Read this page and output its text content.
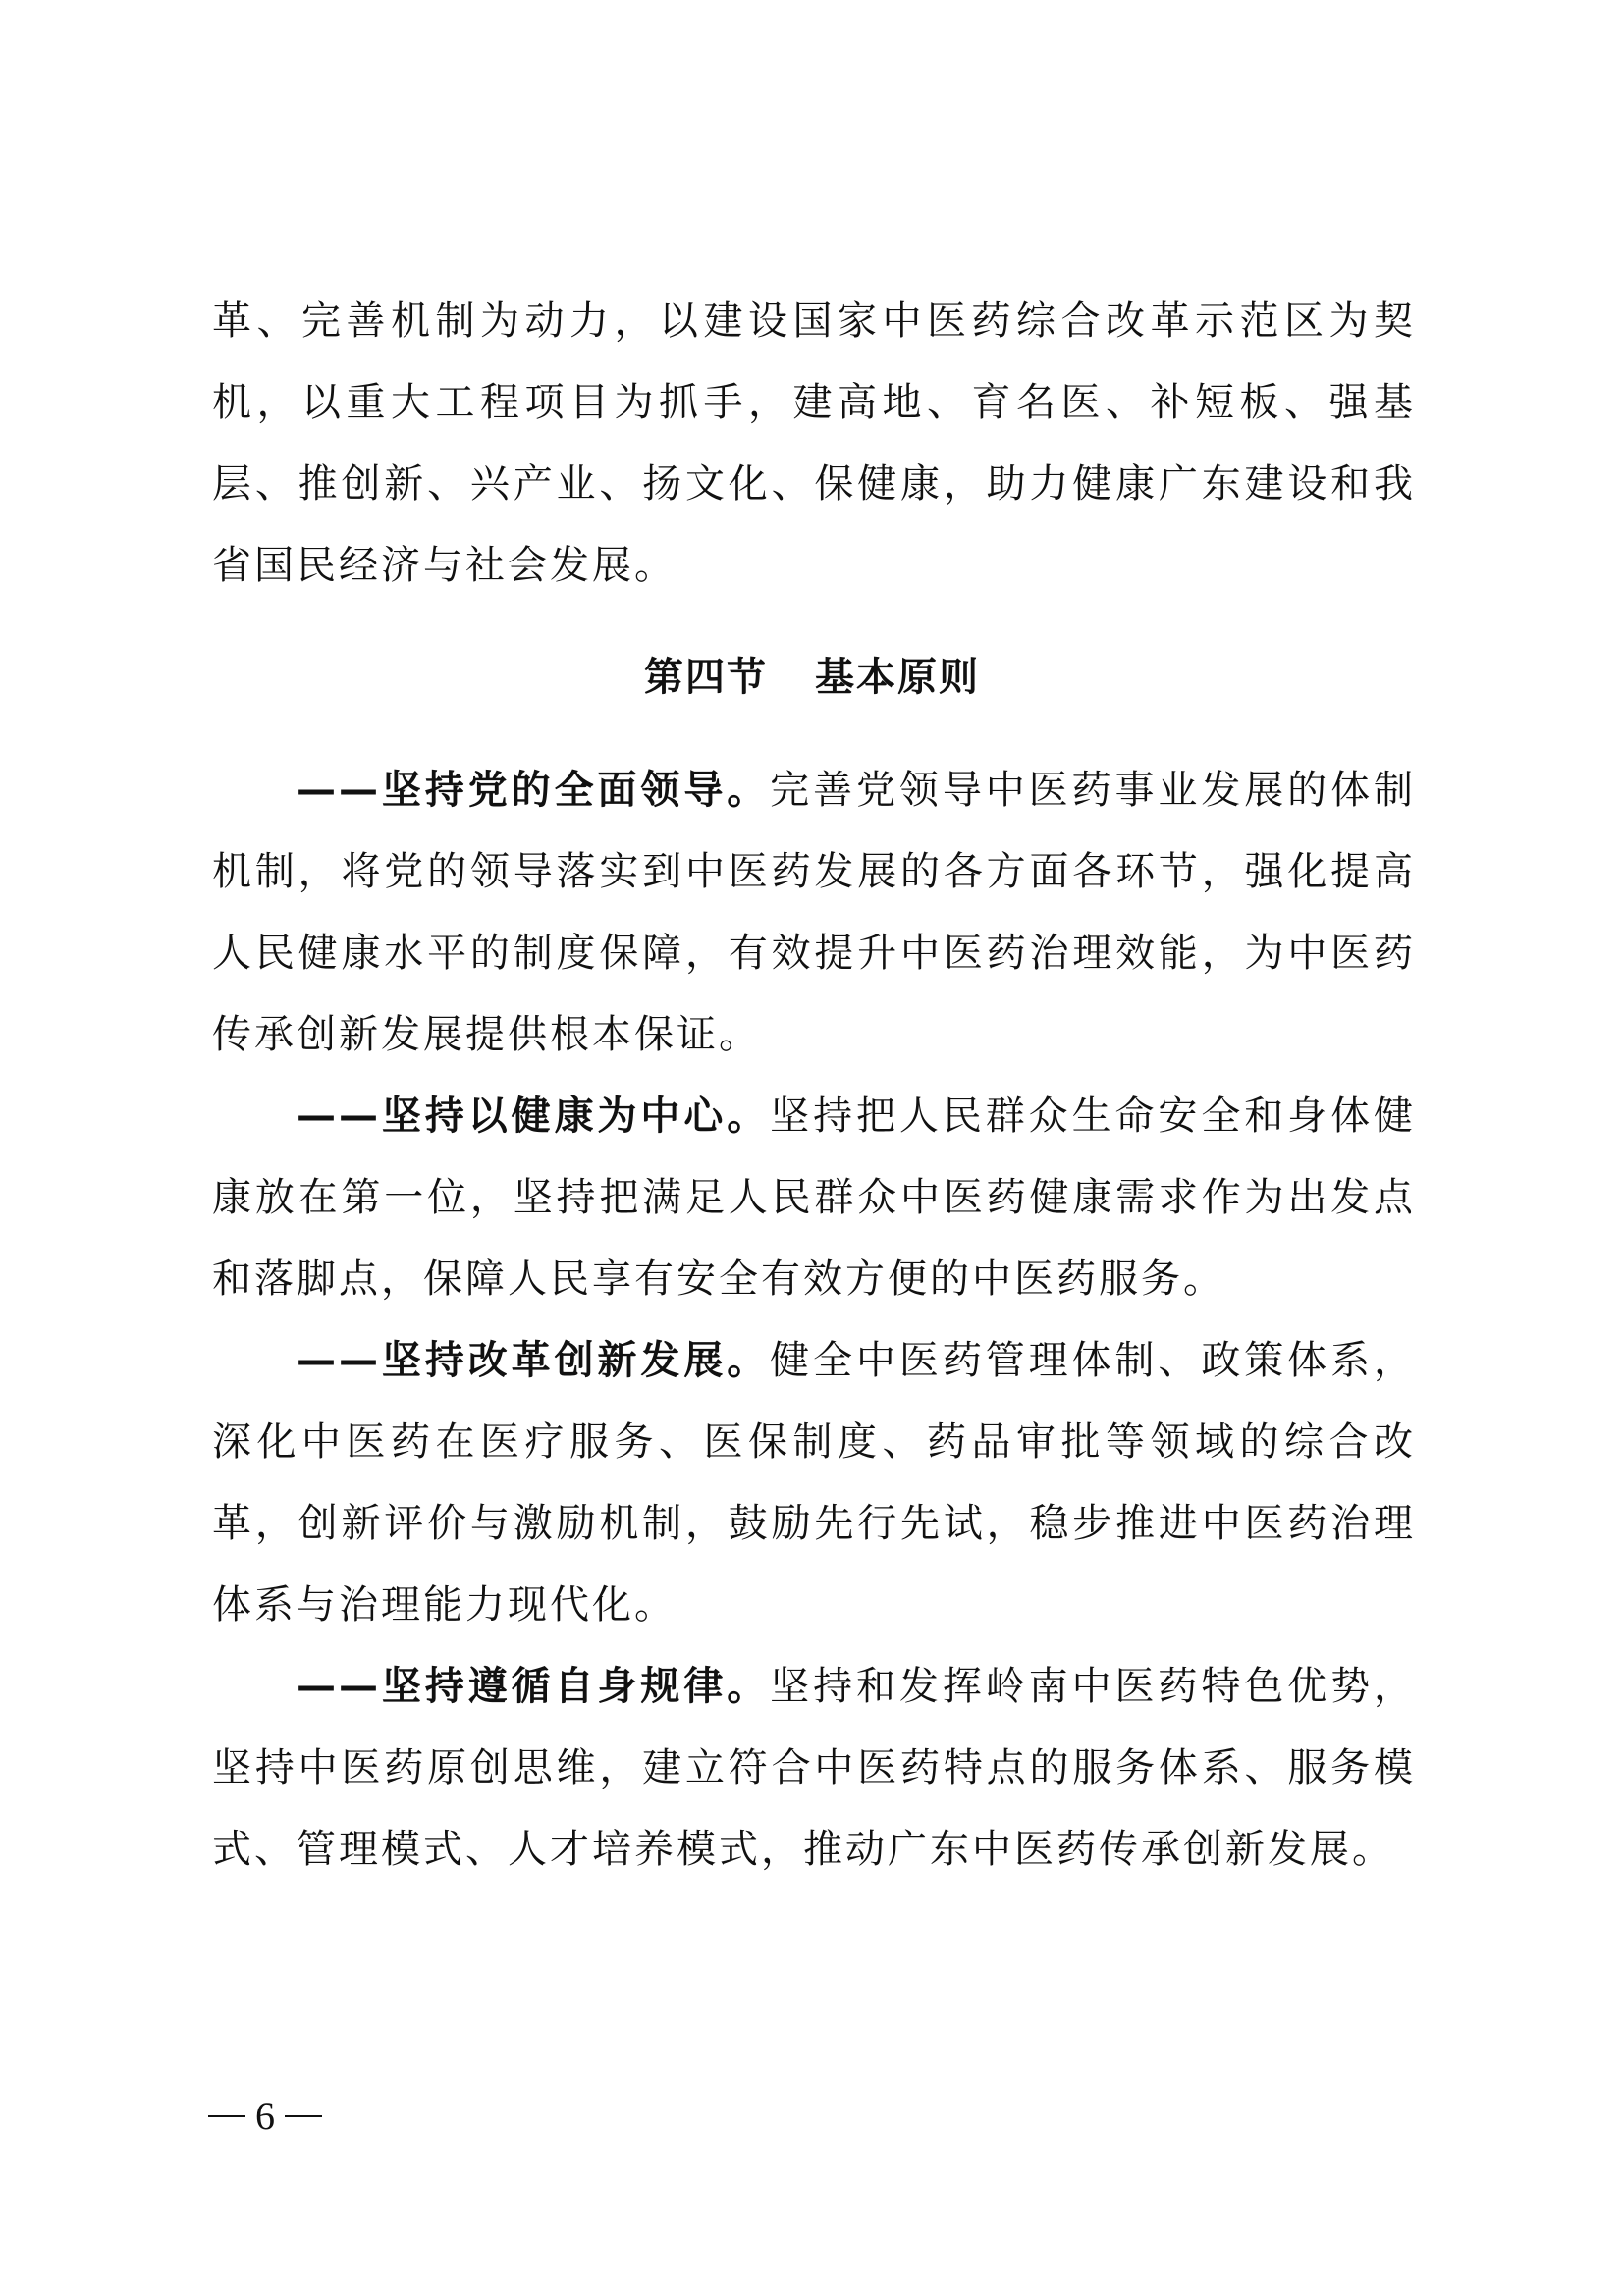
革、完善机制为动力，以建设国家中医药综合改革示范区为契机，以重大工程项目为抓手，建高地、育名医、补短板、强基层、推创新、兴产业、扬文化、保健康，助力健康广东建设和我省国民经济与社会发展。

第四节 基本原则

——坚持党的全面领导。完善党领导中医药事业发展的体制机制，将党的领导落实到中医药发展的各方面各环节，强化提高人民健康水平的制度保障，有效提升中医药治理效能，为中医药传承创新发展提供根本保证。

——坚持以健康为中心。坚持把人民群众生命安全和身体健康放在第一位，坚持把满足人民群众中医药健康需求作为出发点和落脚点，保障人民享有安全有效方便的中医药服务。

——坚持改革创新发展。健全中医药管理体制、政策体系，深化中医药在医疗服务、医保制度、药品审批等领域的综合改革，创新评价与激励机制，鼓励先行先试，稳步推进中医药治理体系与治理能力现代化。

——坚持遵循自身规律。坚持和发挥岭南中医药特色优势，坚持中医药原创思维，建立符合中医药特点的服务体系、服务模式、管理模式、人才培养模式，推动广东中医药传承创新发展。

6
